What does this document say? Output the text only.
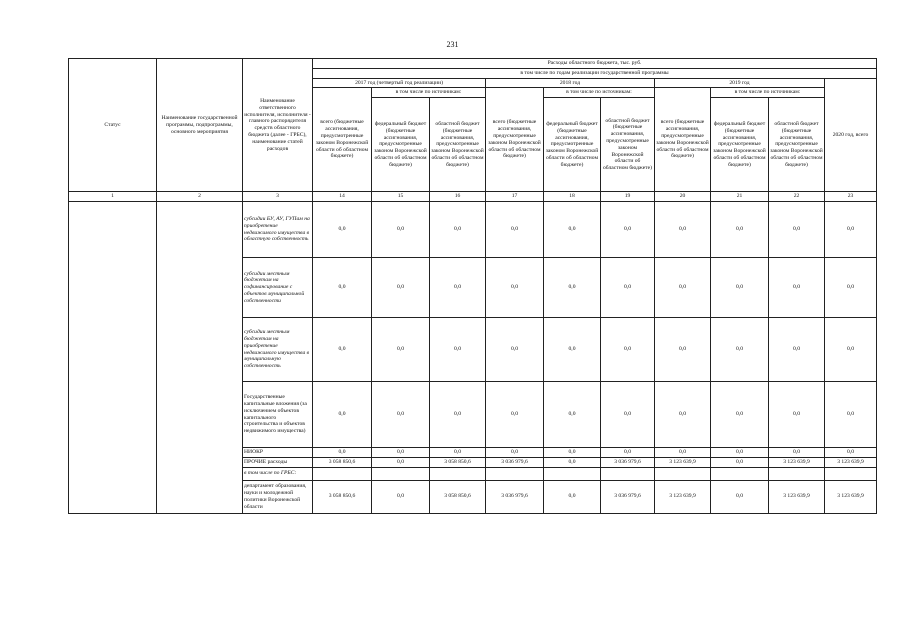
231
Статус	Наименование государственной программы, подпрограммы, основного мероприятия	Наименование ответственного исполнителя, исполнителя - главного распорядителя средств областного бюджета (далее - ГРБС), наименование статей расходов	Расходы областного бюджета, тыс. руб.									
			в том числе по годам реализации государственной программы									
			2017 год (четвертый год реализации)			2018 год			2019 год			2020 год, всего
			всего (бюджетные ассигнования, предусмотренные законом Воронежской области об областном бюджете)	в том числе по источникам:		всего (бюджетные ассигнования, предусмотренные законом Воронежской области об областном бюджете)	в том числе по источникам:		всего (бюджетные ассигнования, предусмотренные законом Воронежской области об областном бюджете)	в том числе по источникам:		
				федеральный бюджет (бюджетные ассигнования, предусмотренные законом Воронежской области об областном бюджете)	областной бюджет (бюджетные ассигнования, предусмотренные законом Воронежской области об областном бюджете)		федеральный бюджет (бюджетные ассигнования, предусмотренные законом Воронежской области об областном бюджете)	областной бюджет (бюджетные ассигнования, предусмотренные законом Воронежской области об областном бюджете)		федеральный бюджет (бюджетные ассигнования, предусмотренные законом Воронежской области об областном бюджете)	областной бюджет (бюджетные ассигнования, предусмотренные законом Воронежской области об областном бюджете)	
1	2	3	14	15	16	17	18	19	20	21	22	23
		субсидии БУ, АУ, ГУПам на приобретение недвижимого имущества в областную собственность	0,0	0,0	0,0	0,0	0,0	0,0	0,0	0,0	0,0	0,0
		субсидии местным бюджетам на софинансирование с объектов муниципальной собственности	0,0	0,0	0,0	0,0	0,0	0,0	0,0	0,0	0,0	0,0
		субсидии местным бюджетам на приобретение недвижимого имущества в муниципальную собственность	0,0	0,0	0,0	0,0	0,0	0,0	0,0	0,0	0,0	0,0
		Государственные капитальные вложения (за исключением объектов капитального строительства и объектов недвижимого имущества)	0,0	0,0	0,0	0,0	0,0	0,0	0,0	0,0	0,0	0,0
		НИОКР	0,0	0,0	0,0	0,0	0,0	0,0	0,0	0,0	0,0	0,0
		ПРОЧИЕ расходы	3 058 850,6	0,0	3 058 850,6	3 036 979,6	0,0	3 036 979,6	3 123 639,9	0,0	3 123 639,9	3 123 639,9
		в том числе по ГРБС:										
		департамент образования, науки и молодежной политики Воронежской области	3 058 850,6	0,0	3 058 850,6	3 036 979,6	0,0	3 036 979,6	3 123 639,9	0,0	3 123 639,9	3 123 639,9
